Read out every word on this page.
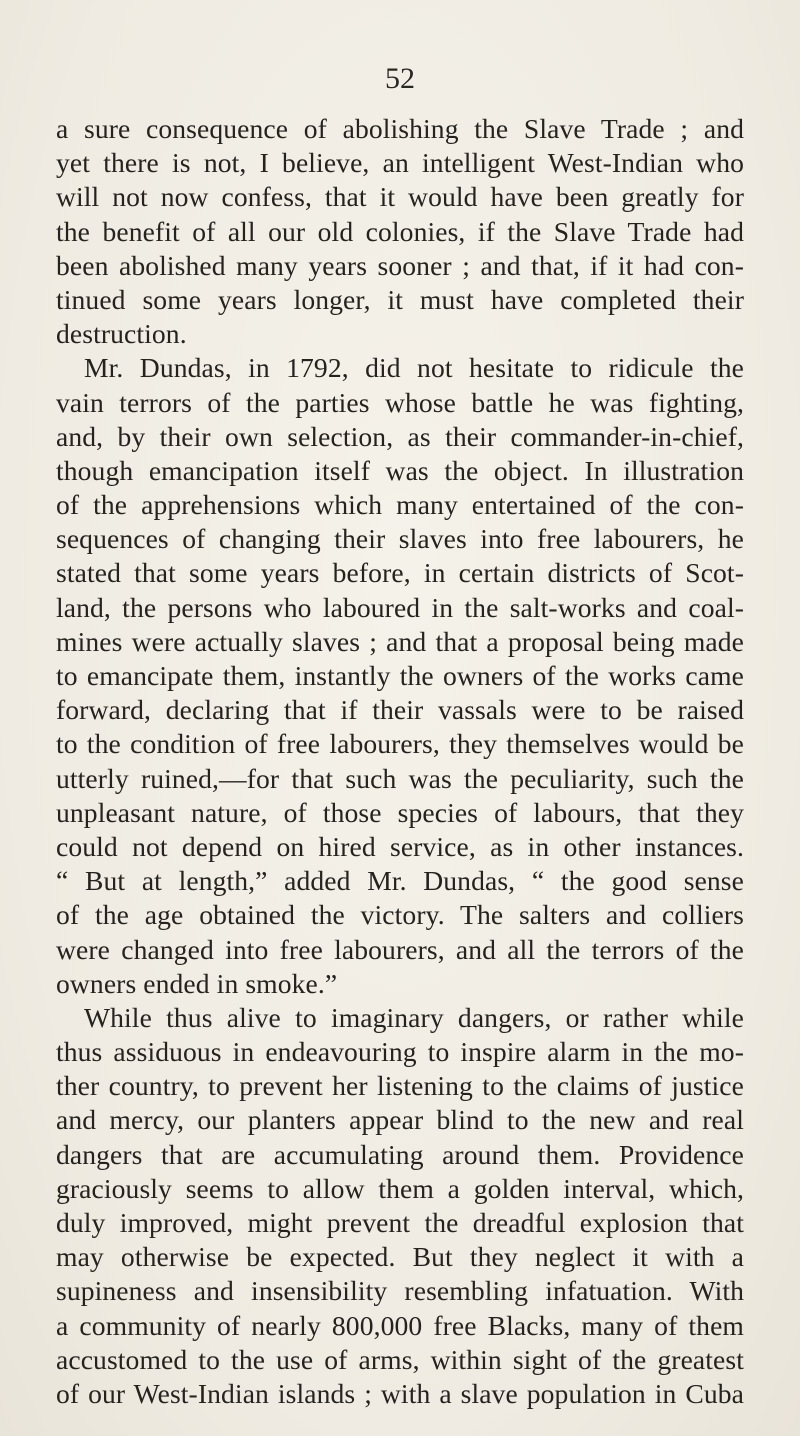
52
a sure consequence of abolishing the Slave Trade ; and
yet there is not, I believe, an intelligent West-Indian who
will not now confess, that it would have been greatly for
the benefit of all our old colonies, if the Slave Trade had
been abolished many years sooner ; and that, if it had con-
tinued some years longer, it must have completed their
destruction.
Mr. Dundas, in 1792, did not hesitate to ridicule the
vain terrors of the parties whose battle he was fighting,
and, by their own selection, as their commander-in-chief,
though emancipation itself was the object. In illustration
of the apprehensions which many entertained of the con-
sequences of changing their slaves into free labourers, he
stated that some years before, in certain districts of Scot-
land, the persons who laboured in the salt-works and coal-
mines were actually slaves ; and that a proposal being made
to emancipate them, instantly the owners of the works came
forward, declaring that if their vassals were to be raised
to the condition of free labourers, they themselves would be
utterly ruined,—for that such was the peculiarity, such the
unpleasant nature, of those species of labours, that they
could not depend on hired service, as in other instances.
“ But at length,” added Mr. Dundas, “ the good sense
of the age obtained the victory. The salters and colliers
were changed into free labourers, and all the terrors of the
owners ended in smoke.”
While thus alive to imaginary dangers, or rather while
thus assiduous in endeavouring to inspire alarm in the mo-
ther country, to prevent her listening to the claims of justice
and mercy, our planters appear blind to the new and real
dangers that are accumulating around them. Providence
graciously seems to allow them a golden interval, which,
duly improved, might prevent the dreadful explosion that
may otherwise be expected. But they neglect it with a
supineness and insensibility resembling infatuation. With
a community of nearly 800,000 free Blacks, many of them
accustomed to the use of arms, within sight of the greatest
of our West-Indian islands ; with a slave population in Cuba
